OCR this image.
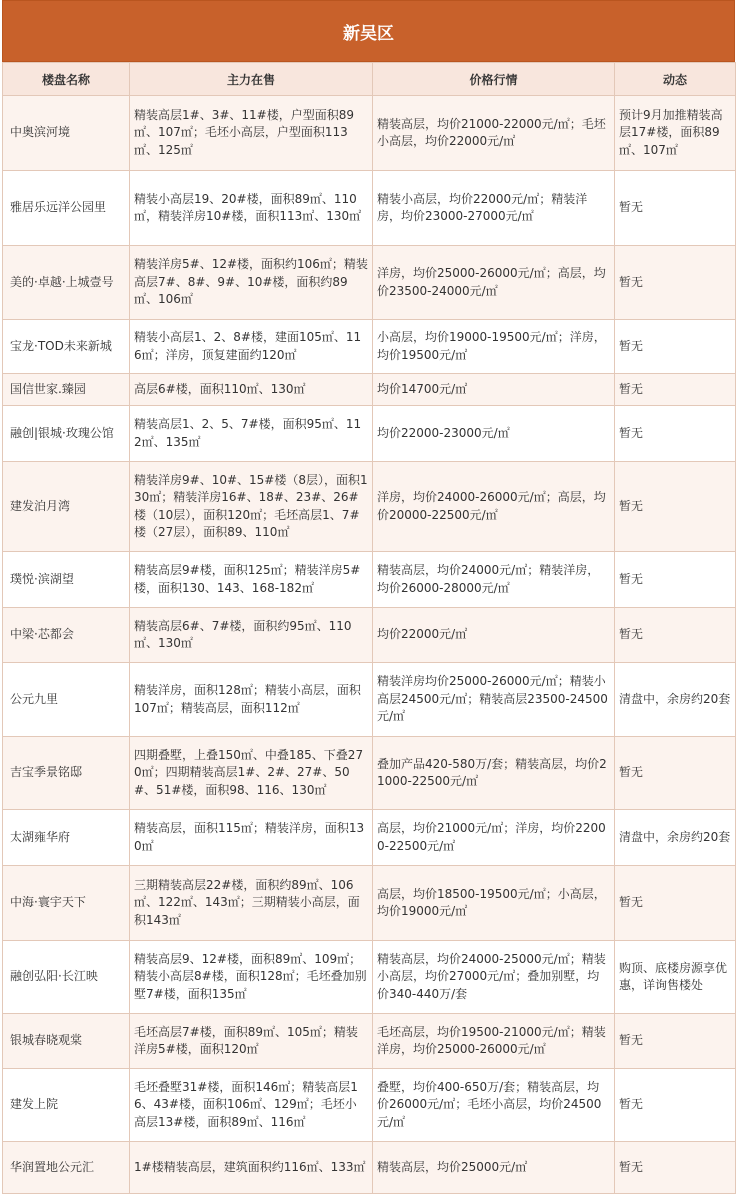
新吴区
楼盘名称	主力在售	价格行情	动态
中奥滨河境	精装高层1#、3#、11#楼，户型面积89㎡、107㎡；毛坯小高层，户型面积113㎡、125㎡	精装高层，均价21000-22000元/㎡；毛坯小高层，均价22000元/㎡	预计9月加推精装高层17#楼，面积89㎡、107㎡
雅居乐远洋公园里	精装小高层19、20#楼，面积89㎡、110㎡，精装洋房10#楼，面积113㎡、130㎡	精装小高层，均价22000元/㎡；精装洋房，均价23000-27000元/㎡	暂无
美的·卓越·上城壹号	精装洋房5#、12#楼，面积约106㎡；精装高层7#、8#、9#、10#楼，面积约89㎡、106㎡	洋房，均价25000-26000元/㎡；高层，均价23500-24000元/㎡	暂无
宝龙·TOD未来新城	精装小高层1、2、8#楼，建面105㎡、116㎡；洋房，顶复建面约120㎡	小高层，均价19000-19500元/㎡；洋房，均价19500元/㎡	暂无
国信世家.臻园	高层6#楼，面积110㎡、130㎡	均价14700元/㎡	暂无
融创|银城·玫瑰公馆	精装高层1、2、5、7#楼，面积95㎡、112㎡、135㎡	均价22000-23000元/㎡	暂无
建发泊月湾	精装洋房9#、10#、15#楼（8层），面积130㎡；精装洋房16#、18#、23#、26#楼（10层），面积120㎡；毛坯高层1、7#楼（27层），面积89、110㎡	洋房，均价24000-26000元/㎡；高层，均价20000-22500元/㎡	暂无
璞悦·滨湖望	精装高层9#楼，面积125㎡；精装洋房5#楼，面积130、143、168-182㎡	精装高层，均价24000元/㎡；精装洋房，均价26000-28000元/㎡	暂无
中梁·芯都会	精装高层6#、7#楼，面积约95㎡、110㎡、130㎡	均价22000元/㎡	暂无
公元九里	精装洋房，面积128㎡；精装小高层，面积107㎡；精装高层，面积112㎡	精装洋房均价25000-26000元/㎡；精装小高层24500元/㎡；精装高层23500-24500元/㎡	清盘中，余房约20套
吉宝季景铭邸	四期叠墅，上叠150㎡、中叠185、下叠270㎡；四期精装高层1#、2#、27#、50#、51#楼，面积98、116、130㎡	叠加产品420-580万/套；精装高层，均价21000-22500元/㎡	暂无
太湖雍华府	精装高层，面积115㎡；精装洋房，面积130㎡	高层，均价21000元/㎡；洋房，均价22000-22500元/㎡	清盘中，余房约20套
中海·寰宇天下	三期精装高层22#楼，面积约89㎡、106㎡、122㎡、143㎡；三期精装小高层，面积143㎡	高层，均价18500-19500元/㎡；小高层，均价19000元/㎡	暂无
融创弘阳·长江映	精装高层9、12#楼，面积89㎡、109㎡；精装小高层8#楼，面积128㎡；毛坯叠加别墅7#楼，面积135㎡	精装高层，均价24000-25000元/㎡；精装小高层，均价27000元/㎡；叠加别墅，均价340-440万/套	购顶、底楼房源享优惠，详询售楼处
银城春晓观棠	毛坯高层7#楼，面积89㎡、105㎡；精装洋房5#楼，面积120㎡	毛坯高层，均价19500-21000元/㎡；精装洋房，均价25000-26000元/㎡	暂无
建发上院	毛坯叠墅31#楼，面积146㎡；精装高层16、43#楼，面积106㎡、129㎡；毛坯小高层13#楼，面积89㎡、116㎡	叠墅，均价400-650万/套；精装高层，均价26000元/㎡；毛坯小高层，均价24500元/㎡	暂无
华润置地公元汇	1#楼精装高层，建筑面积约116㎡、133㎡	精装高层，均价25000元/㎡	暂无
